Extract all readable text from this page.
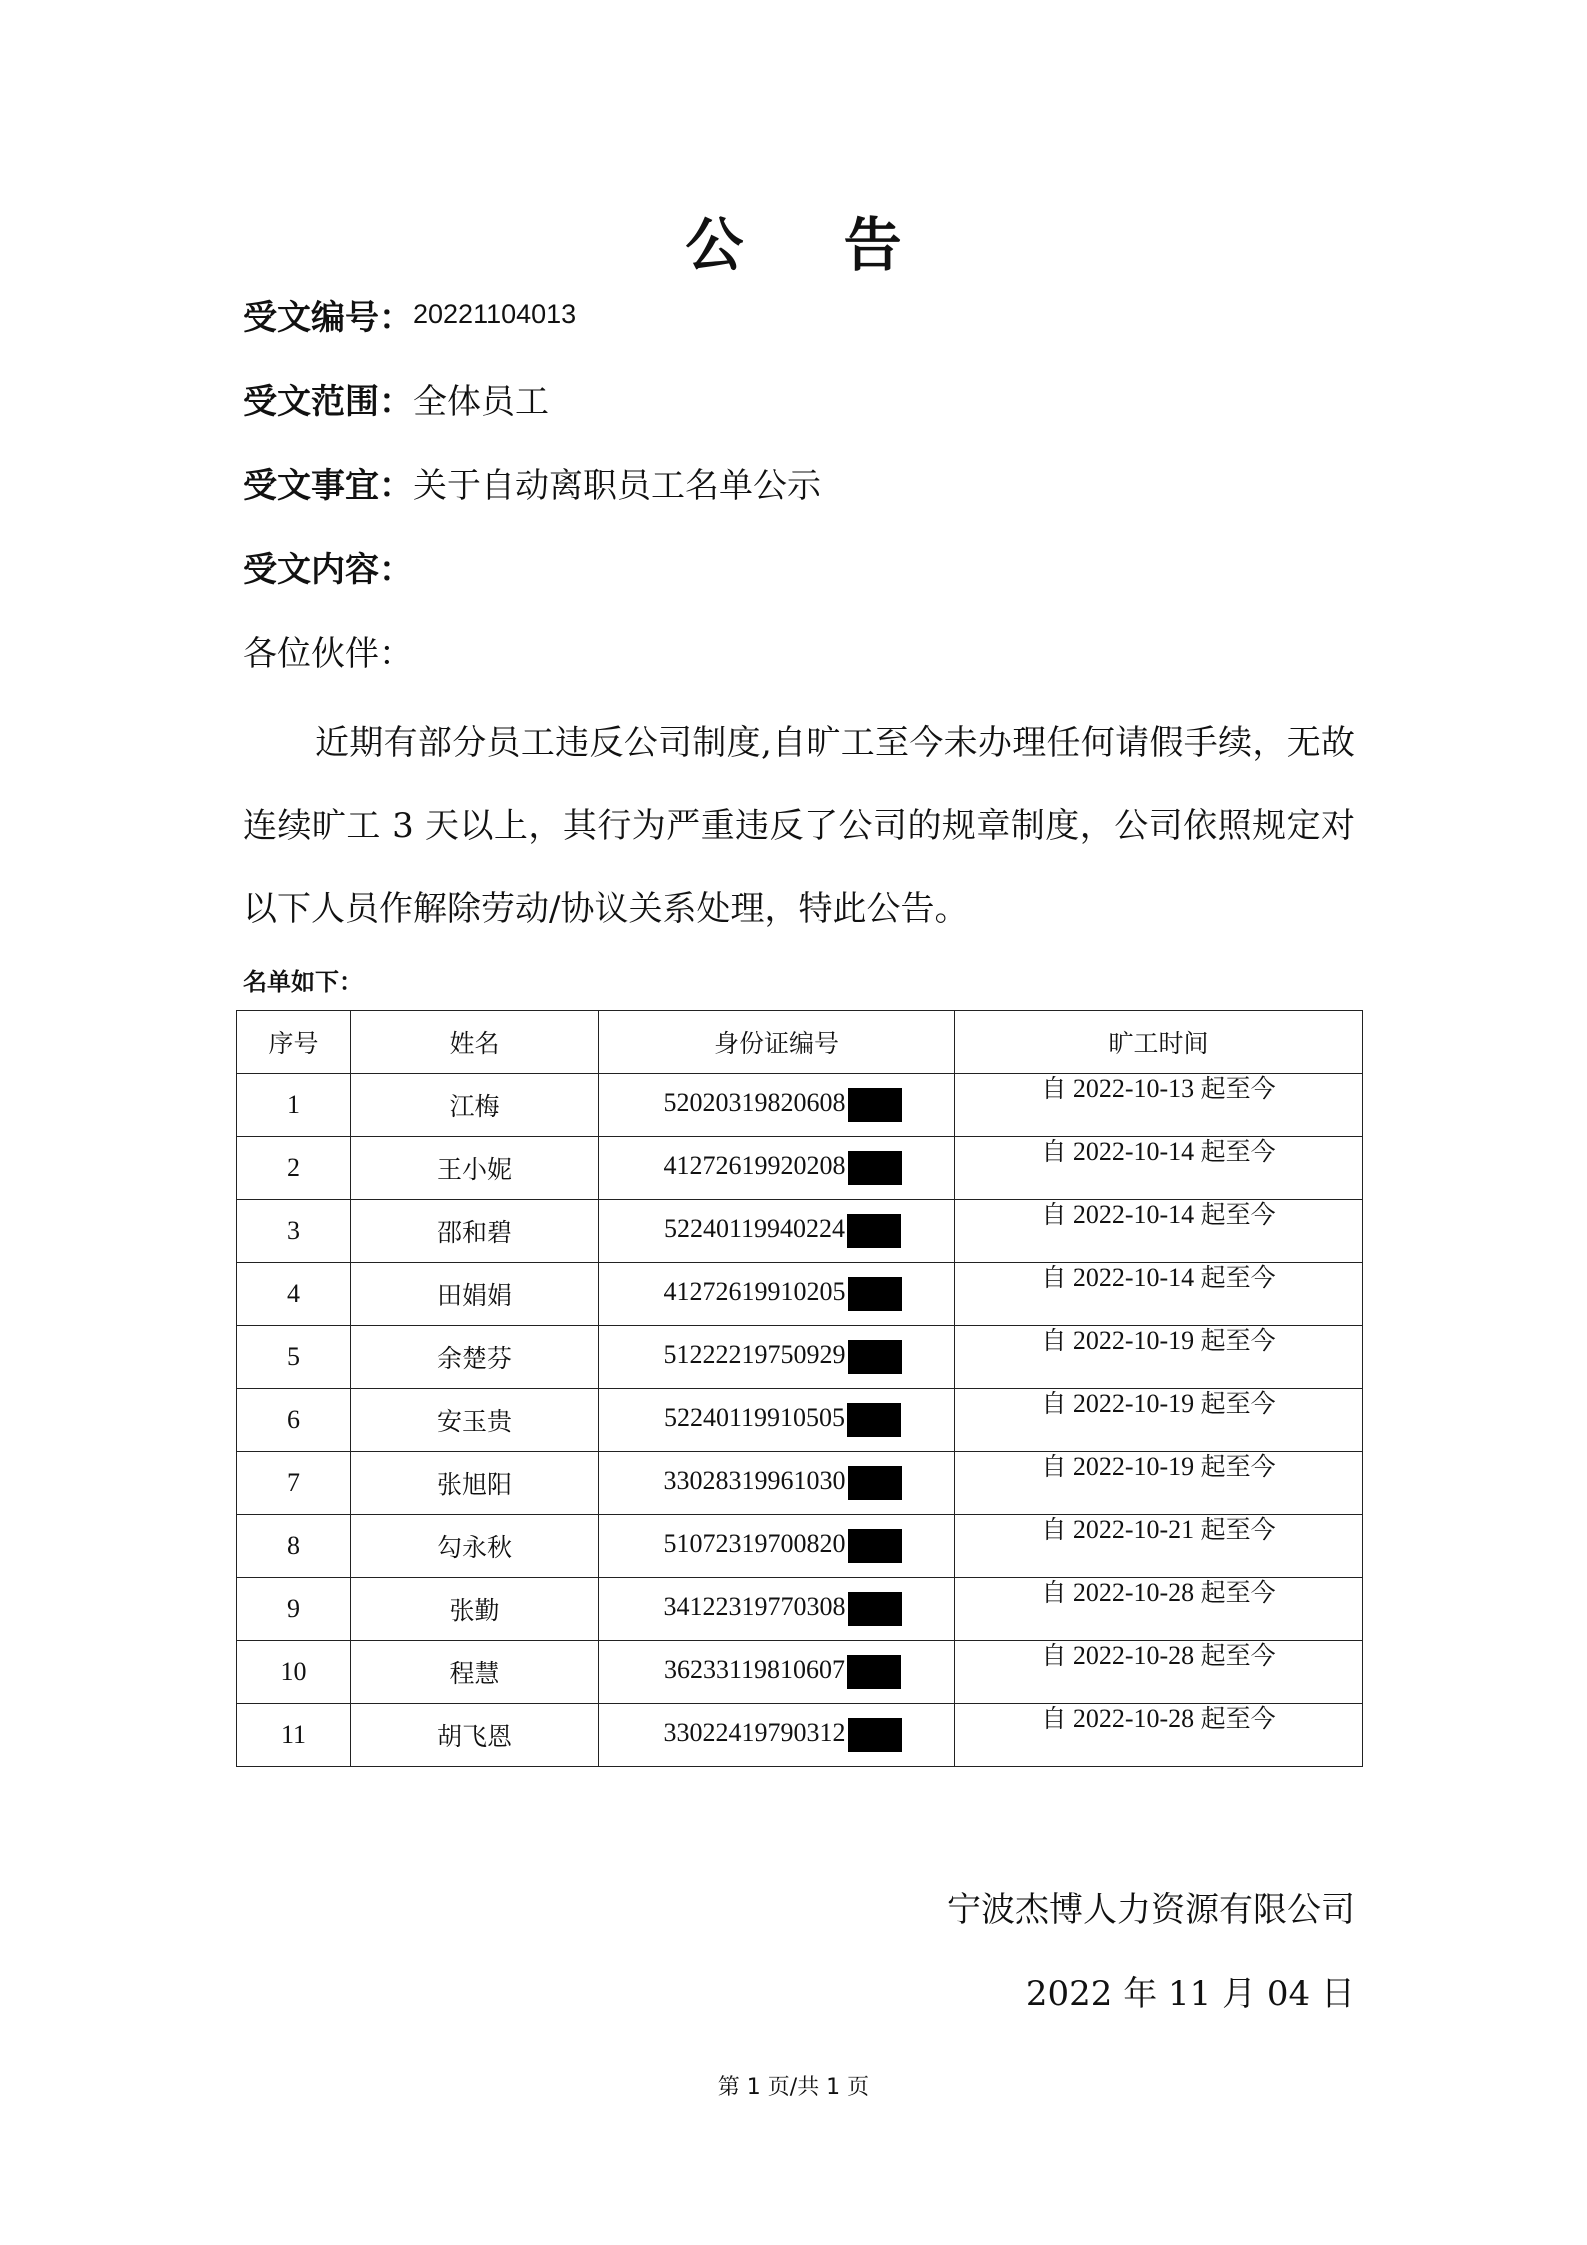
公 告
受文编号：20221104013
受文范围：全体员工
受文事宜：关于自动离职员工名单公示
受文内容：
各位伙伴：
近期有部分员工违反公司制度,自旷工至今未办理任何请假手续，无故连续旷工 3 天以上，其行为严重违反了公司的规章制度，公司依照规定对以下人员作解除劳动/协议关系处理，特此公告。
名单如下：
序号	姓名	身份证编号	旷工时间
1	江梅	52020319820608	自 2022-10-13 起至今
2	王小妮	41272619920208	自 2022-10-14 起至今
3	邵和碧	52240119940224	自 2022-10-14 起至今
4	田娟娟	41272619910205	自 2022-10-14 起至今
5	余楚芬	51222219750929	自 2022-10-19 起至今
6	安玉贵	52240119910505	自 2022-10-19 起至今
7	张旭阳	33028319961030	自 2022-10-19 起至今
8	勾永秋	51072319700820	自 2022-10-21 起至今
9	张勤	34122319770308	自 2022-10-28 起至今
10	程慧	36233119810607	自 2022-10-28 起至今
11	胡飞恩	33022419790312	自 2022-10-28 起至今
宁波杰博人力资源有限公司
2022 年 11 月 04 日
第 1 页/共 1 页
